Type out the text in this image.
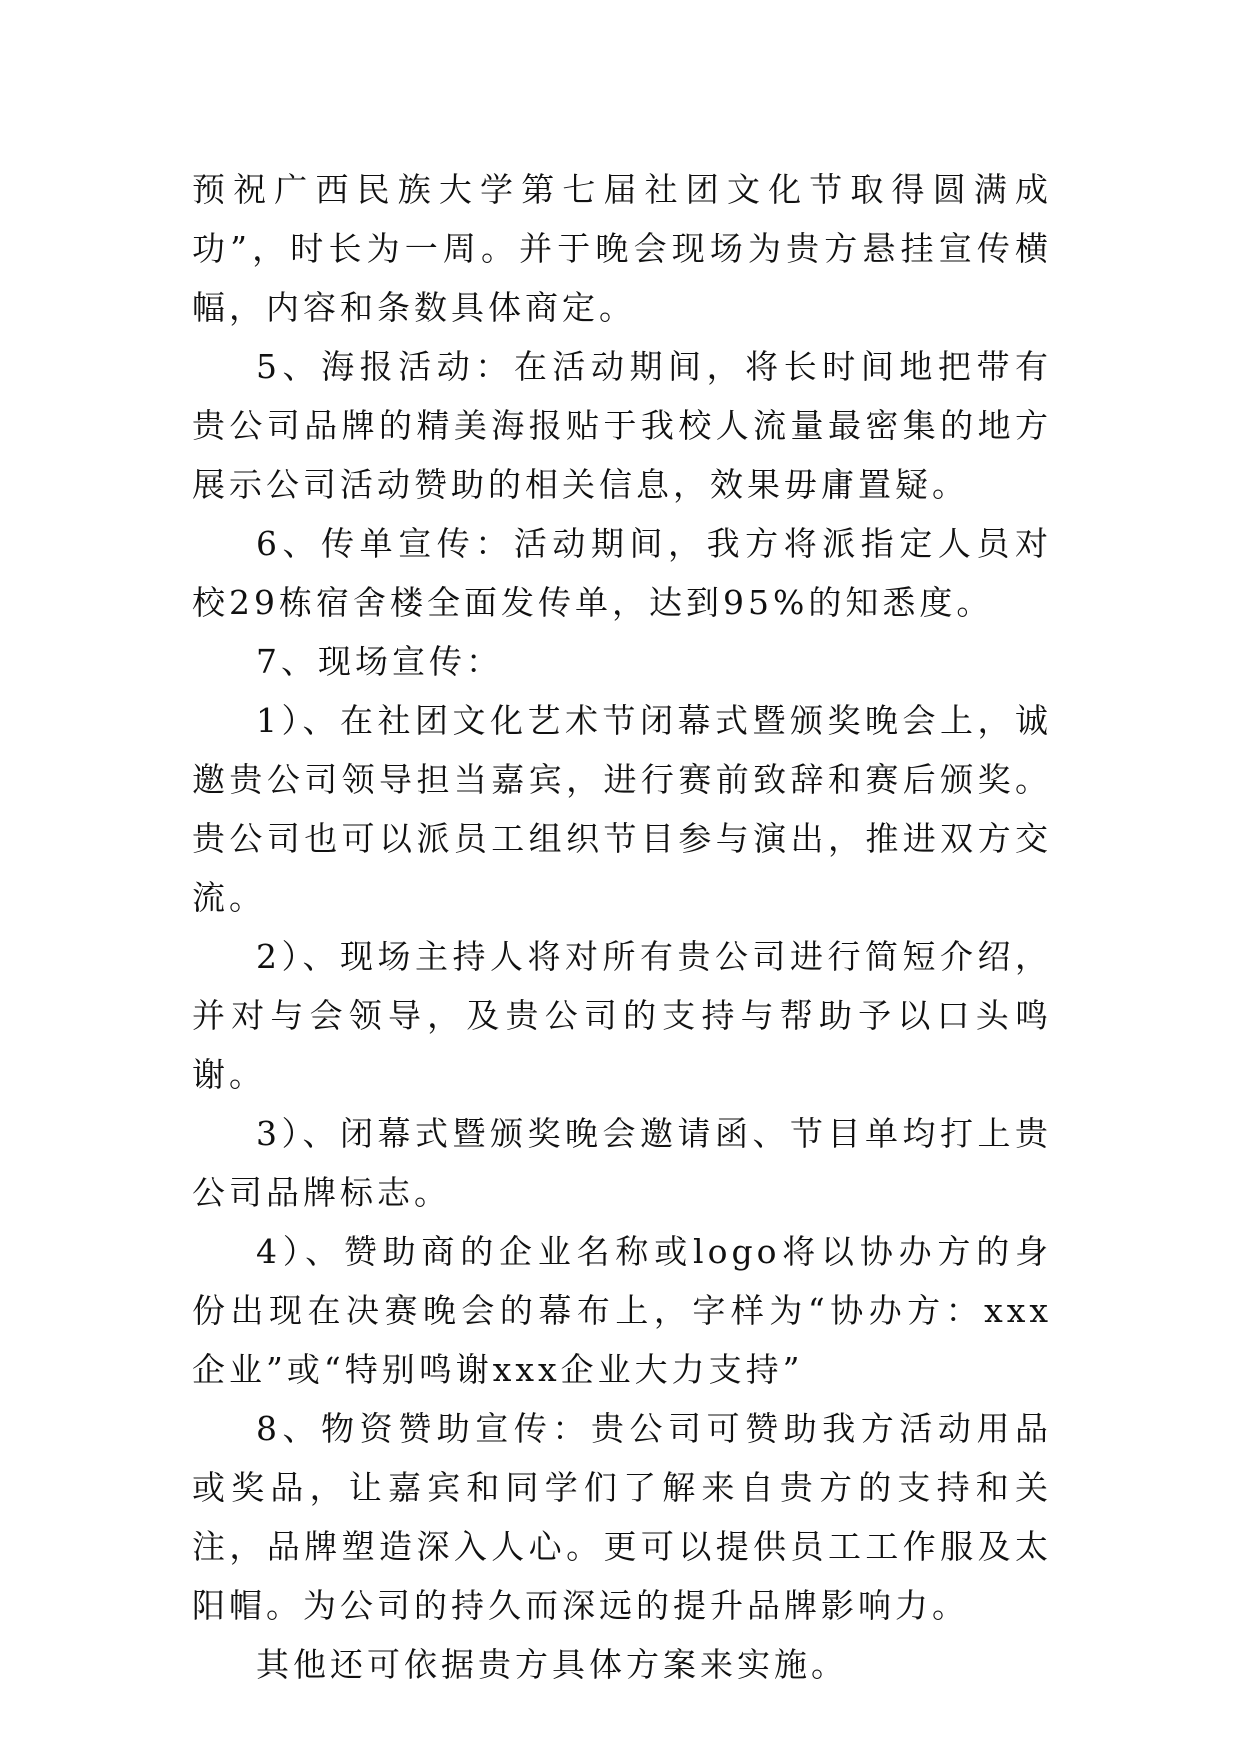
预祝广西民族大学第七届社团文化节取得圆满成功”，时长为一周。并于晚会现场为贵方悬挂宣传横幅，内容和条数具体商定。

5、海报活动：在活动期间，将长时间地把带有贵公司品牌的精美海报贴于我校人流量最密集的地方展示公司活动赞助的相关信息，效果毋庸置疑。

6、传单宣传：活动期间，我方将派指定人员对校29栋宿舍楼全面发传单，达到95%的知悉度。

7、现场宣传：

1）、在社团文化艺术节闭幕式暨颁奖晚会上，诚邀贵公司领导担当嘉宾，进行赛前致辞和赛后颁奖。贵公司也可以派员工组织节目参与演出，推进双方交流。

2）、现场主持人将对所有贵公司进行简短介绍，并对与会领导，及贵公司的支持与帮助予以口头鸣谢。

3）、闭幕式暨颁奖晚会邀请函、节目单均打上贵公司品牌标志。

4）、赞助商的企业名称或logo将以协办方的身份出现在决赛晚会的幕布上，字样为“协办方：xxx企业”或“特别鸣谢xxx企业大力支持”

8、物资赞助宣传：贵公司可赞助我方活动用品或奖品，让嘉宾和同学们了解来自贵方的支持和关注，品牌塑造深入人心。更可以提供员工工作服及太阳帽。为公司的持久而深远的提升品牌影响力。

其他还可依据贵方具体方案来实施。
